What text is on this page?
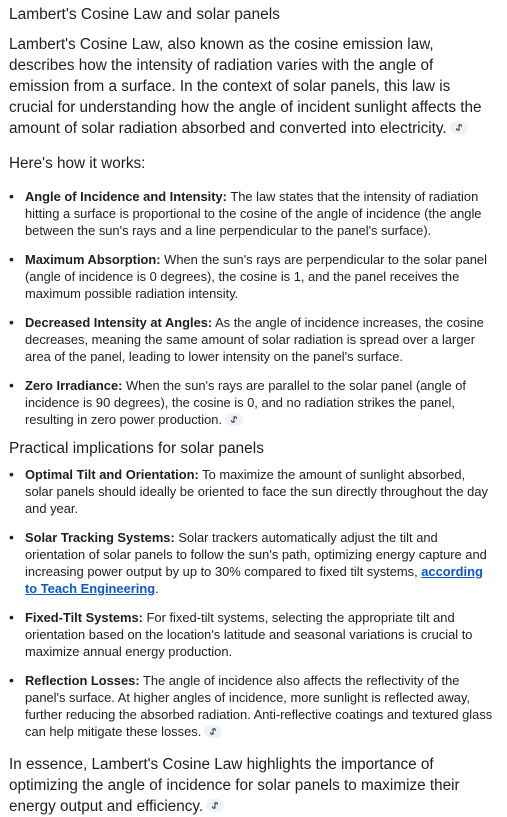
Lambert's Cosine Law and solar panels

Lambert's Cosine Law, also known as the cosine emission law, describes how the intensity of radiation varies with the angle of emission from a surface. In the context of solar panels, this law is crucial for understanding how the angle of incident sunlight affects the amount of solar radiation absorbed and converted into electricity.

Here's how it works:

• Angle of Incidence and Intensity: The law states that the intensity of radiation hitting a surface is proportional to the cosine of the angle of incidence (the angle between the sun's rays and a line perpendicular to the panel's surface).
• Maximum Absorption: When the sun's rays are perpendicular to the solar panel (angle of incidence is 0 degrees), the cosine is 1, and the panel receives the maximum possible radiation intensity.
• Decreased Intensity at Angles: As the angle of incidence increases, the cosine decreases, meaning the same amount of solar radiation is spread over a larger area of the panel, leading to lower intensity on the panel's surface.
• Zero Irradiance: When the sun's rays are parallel to the solar panel (angle of incidence is 90 degrees), the cosine is 0, and no radiation strikes the panel, resulting in zero power production.
Practical implications for solar panels
• Optimal Tilt and Orientation: To maximize the amount of sunlight absorbed, solar panels should ideally be oriented to face the sun directly throughout the day and year.
• Solar Tracking Systems: Solar trackers automatically adjust the tilt and orientation of solar panels to follow the sun's path, optimizing energy capture and increasing power output by up to 30% compared to fixed tilt systems, according to Teach Engineering.
• Fixed-Tilt Systems: For fixed-tilt systems, selecting the appropriate tilt and orientation based on the location's latitude and seasonal variations is crucial to maximize annual energy production.
• Reflection Losses: The angle of incidence also affects the reflectivity of the panel's surface. At higher angles of incidence, more sunlight is reflected away, further reducing the absorbed radiation. Anti-reflective coatings and textured glass can help mitigate these losses.

In essence, Lambert's Cosine Law highlights the importance of optimizing the angle of incidence for solar panels to maximize their energy output and efficiency.
